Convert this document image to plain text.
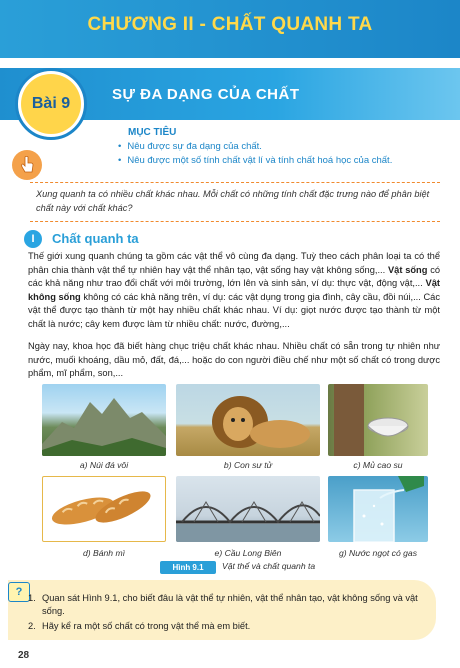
CHƯƠNG II - CHẤT QUANH TA
Bài 9
SỰ ĐA DẠNG CỦA CHẤT
MỤC TIÊU
• Nêu được sự đa dạng của chất.
• Nêu được một số tính chất vật lí và tính chất hoá học của chất.
Xung quanh ta có nhiều chất khác nhau. Mỗi chất có những tính chất đặc trưng nào để phân biệt
chất này với chất khác?
I	Chất quanh ta

Thế giới xung quanh chúng ta gồm các vật thể vô cùng đa dạng. Tuỳ theo cách phân loại ta có thể phân chia thành vật thể tự nhiên hay vật thể nhân tạo, vật sống hay vật không sống,... Vật sống có các khả năng như trao đổi chất với môi trường, lớn lên và sinh sản, ví dụ: thực vật, động vật,... Vật không sống không có các khả năng trên, ví dụ: các vật dụng trong gia đình, cây cầu, đồi núi,... Các vật thể được tạo thành từ một hay nhiều chất khác nhau. Ví dụ: giọt nước được tạo thành từ một chất là nước; cây kem được làm từ nhiều chất: nước, đường,...

Ngày nay, khoa học đã biết hàng chục triệu chất khác nhau. Nhiều chất có sẵn trong tự nhiên như nước, muối khoáng, dầu mỏ, đất, đá,... hoặc do con người điều chế như một số chất có trong dược phẩm, mĩ phẩm, son,...

a) Núi đá vôi	b) Con sư tử	c) Mủ cao su
d) Bánh mì	e) Cầu Long Biên	g) Nước ngọt có gas
Hình 9.1	Vật thể và chất quanh ta
? 1. Quan sát Hình 9.1, cho biết đâu là vật thể tự nhiên, vật thể nhân tạo, vật không sống và vật sống.
2. Hãy kể ra một số chất có trong vật thể mà em biết.
28
